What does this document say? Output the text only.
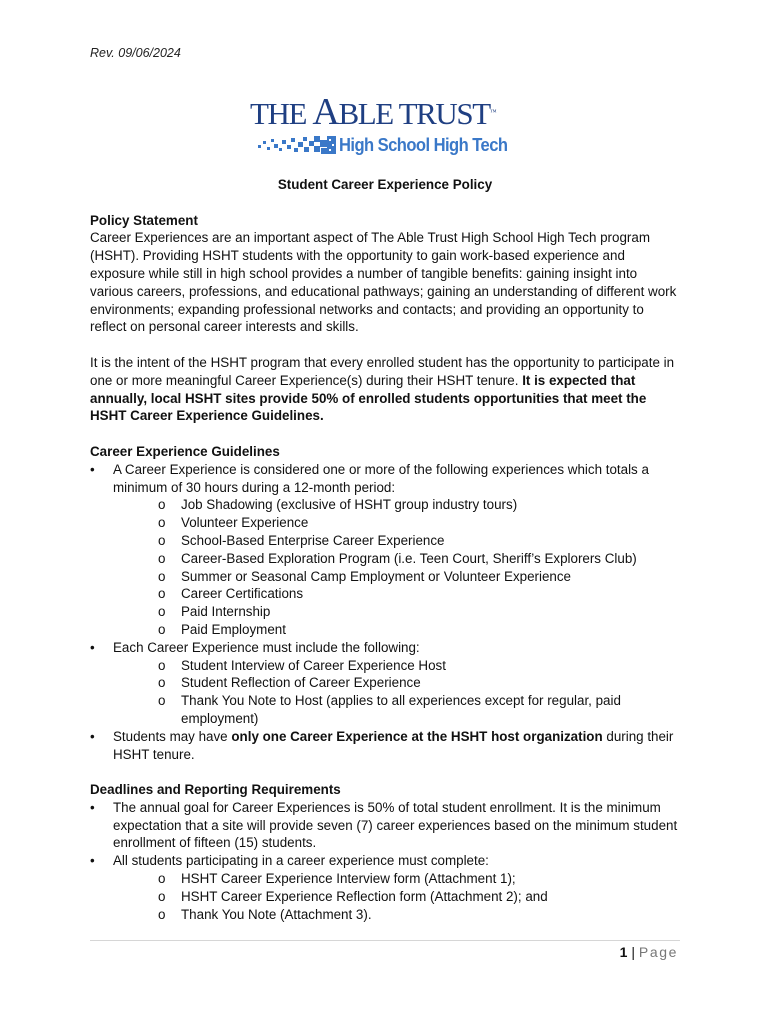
Rev. 09/06/2024
THE ABLE TRUST™
High School High Tech

Student Career Experience Policy

Policy Statement

Career Experiences are an important aspect of The Able Trust High School High Tech program (HSHT). Providing HSHT students with the opportunity to gain work-based experience and exposure while still in high school provides a number of tangible benefits: gaining insight into various careers, professions, and educational pathways; gaining an understanding of different work environments; expanding professional networks and contacts; and providing an opportunity to reflect on personal career interests and skills.

It is the intent of the HSHT program that every enrolled student has the opportunity to participate in one or more meaningful Career Experience(s) during their HSHT tenure. It is expected that annually, local HSHT sites provide 50% of enrolled students opportunities that meet the HSHT Career Experience Guidelines.

Career Experience Guidelines

•	A Career Experience is considered one or more of the following experiences which totals a minimum of 30 hours during a 12-month period:
o Job Shadowing (exclusive of HSHT group industry tours)
o Volunteer Experience
o School-Based Enterprise Career Experience
o Career-Based Exploration Program (i.e. Teen Court, Sheriff’s Explorers Club)
o Summer or Seasonal Camp Employment or Volunteer Experience
o Career Certifications
o Paid Internship
o Paid Employment
•	Each Career Experience must include the following:
o Student Interview of Career Experience Host
o Student Reflection of Career Experience
o Thank You Note to Host (applies to all experiences except for regular, paid employment)
•	Students may have only one Career Experience at the HSHT host organization during their HSHT tenure.

Deadlines and Reporting Requirements

•	The annual goal for Career Experiences is 50% of total student enrollment. It is the minimum expectation that a site will provide seven (7) career experiences based on the minimum student enrollment of fifteen (15) students.
•	All students participating in a career experience must complete:
o HSHT Career Experience Interview form (Attachment 1);
o HSHT Career Experience Reflection form (Attachment 2); and
o Thank You Note (Attachment 3).
1 | Page
